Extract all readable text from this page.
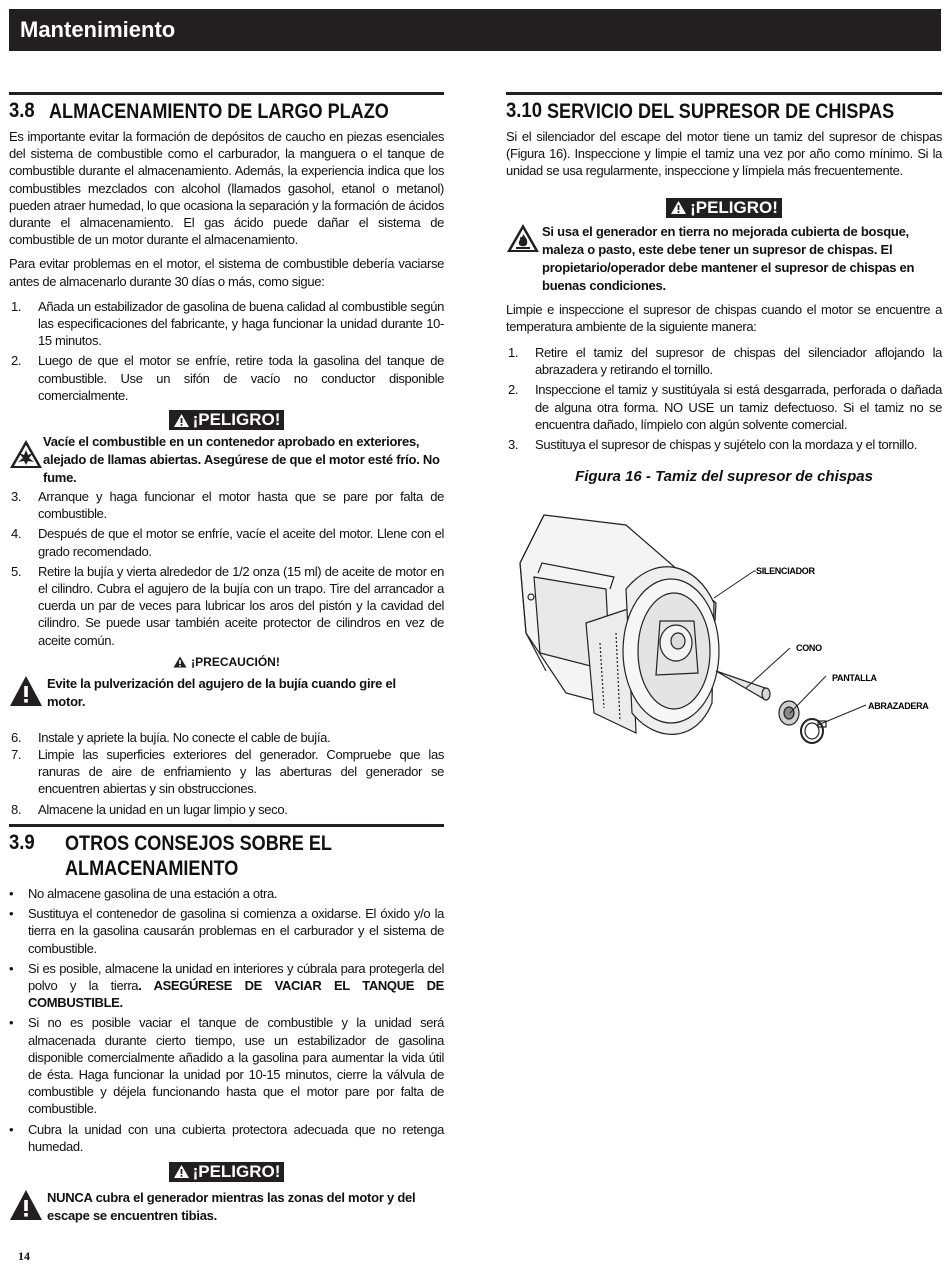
Mantenimiento
3.8 ALMACENAMIENTO DE LARGO PLAZO

Es importante evitar la formación de depósitos de caucho en piezas esenciales del sistema de combustible como el carburador, la manguera o el tanque de combustible durante el almacenamiento. Además, la experiencia indica que los combustibles mezclados con alcohol (llamados gasohol, etanol o metanol) pueden atraer humedad, lo que ocasiona la separación y la formación de ácidos durante el almacenamiento. El gas ácido puede dañar el sistema de combustible de un motor durante el almacenamiento.

Para evitar problemas en el motor, el sistema de combustible debería vaciarse antes de almacenarlo durante 30 días o más, como sigue:

1. Añada un estabilizador de gasolina de buena calidad al combustible según las especificaciones del fabricante, y haga funcionar la unidad durante 10-15 minutos.
2. Luego de que el motor se enfríe, retire toda la gasolina del tanque de combustible. Use un sifón de vacío no conductor disponible comercialmente.
¡PELIGRO!
Vacíe el combustible en un contenedor aprobado en exteriores, alejado de llamas abiertas. Asegúrese de que el motor esté frío. No fume.
3. Arranque y haga funcionar el motor hasta que se pare por falta de combustible.
4. Después de que el motor se enfríe, vacíe el aceite del motor. Llene con el grado recomendado.
5. Retire la bujía y vierta alrededor de 1/2 onza (15 ml) de aceite de motor en el cilindro. Cubra el agujero de la bujía con un trapo. Tire del arrancador a cuerda un par de veces para lubricar los aros del pistón y la cavidad del cilindro. Se puede usar también aceite protector de cilindros en vez de aceite común.
¡PRECAUCIÓN!
Evite la pulverización del agujero de la bujía cuando gire el motor.
6. Instale y apriete la bujía. No conecte el cable de bujía.
7. Limpie las superficies exteriores del generador. Compruebe que las ranuras de aire de enfriamiento y las aberturas del generador se encuentren abiertas y sin obstrucciones.
8. Almacene la unidad en un lugar limpio y seco.
3.9	OTROS CONSEJOS SOBRE EL
ALMACENAMIENTO
• No almacene gasolina de una estación a otra.
• Sustituya el contenedor de gasolina si comienza a oxidarse. El óxido y/o la tierra en la gasolina causarán problemas en el carburador y el sistema de combustible.
• Si es posible, almacene la unidad en interiores y cúbrala para protegerla del polvo y la tierra. ASEGÚRESE DE VACIAR EL TANQUE DE COMBUSTIBLE.
• Si no es posible vaciar el tanque de combustible y la unidad será almacenada durante cierto tiempo, use un estabilizador de gasolina disponible comercialmente añadido a la gasolina para aumentar la vida útil de ésta. Haga funcionar la unidad por 10-15 minutos, cierre la válvula de combustible y déjela funcionando hasta que el motor pare por falta de combustible.
• Cubra la unidad con una cubierta protectora adecuada que no retenga humedad.
¡PELIGRO!
NUNCA cubra el generador mientras las zonas del motor y del escape se encuentren tibias.
3.10 SERVICIO DEL SUPRESOR DE CHISPAS

Si el silenciador del escape del motor tiene un tamiz del supresor de chispas (Figura 16). Inspeccione y limpie el tamiz una vez por año como mínimo. Si la unidad se usa regularmente, inspeccione y límpiela más frecuentemente.

¡PELIGRO!
Si usa el generador en tierra no mejorada cubierta de bosque, maleza o pasto, este debe tener un supresor de chispas. El propietario/operador debe mantener el supresor de chispas en buenas condiciones.

Limpie e inspeccione el supresor de chispas cuando el motor se encuentre a temperatura ambiente de la siguiente manera:

1. Retire el tamiz del supresor de chispas del silenciador aflojando la abrazadera y retirando el tornillo.
2. Inspeccione el tamiz y sustitúyala si está desgarrada, perforada o dañada de alguna otra forma. NO USE un tamiz defectuoso. Si el tamiz no se encuentra dañado, límpielo con algún solvente comercial.
3. Sustituya el supresor de chispas y sujételo con la mordaza y el tornillo.
Figura 16 - Tamiz del supresor de chispas
SILENCIADOR
CONO
PANTALLA
ABRAZADERA
14
